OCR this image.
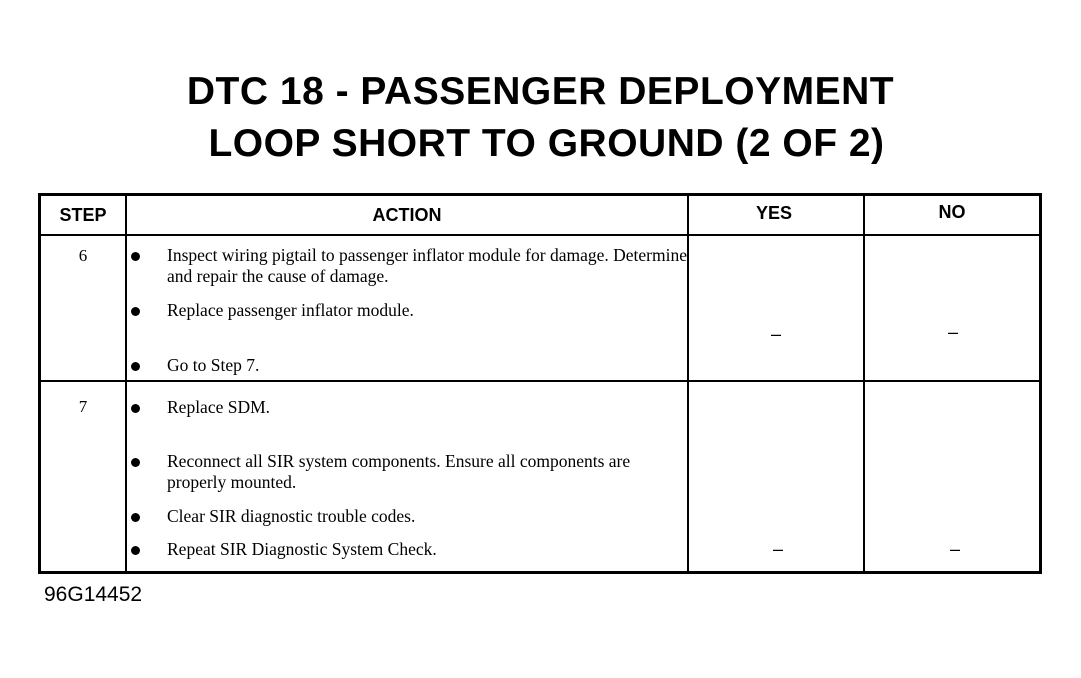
DTC 18 - PASSENGER DEPLOYMENT
LOOP SHORT TO GROUND (2 OF 2)
STEP	ACTION	YES	NO
6	Inspect wiring pigtail to passenger inflator module for damage. Determine and repair the cause of damage.
Replace passenger inflator module.
Go to Step 7.
–	–
7	Replace SDM.
Reconnect all SIR system components. Ensure all components are properly mounted.
Clear SIR diagnostic trouble codes.
Repeat SIR Diagnostic System Check.	–	–
96G14452
